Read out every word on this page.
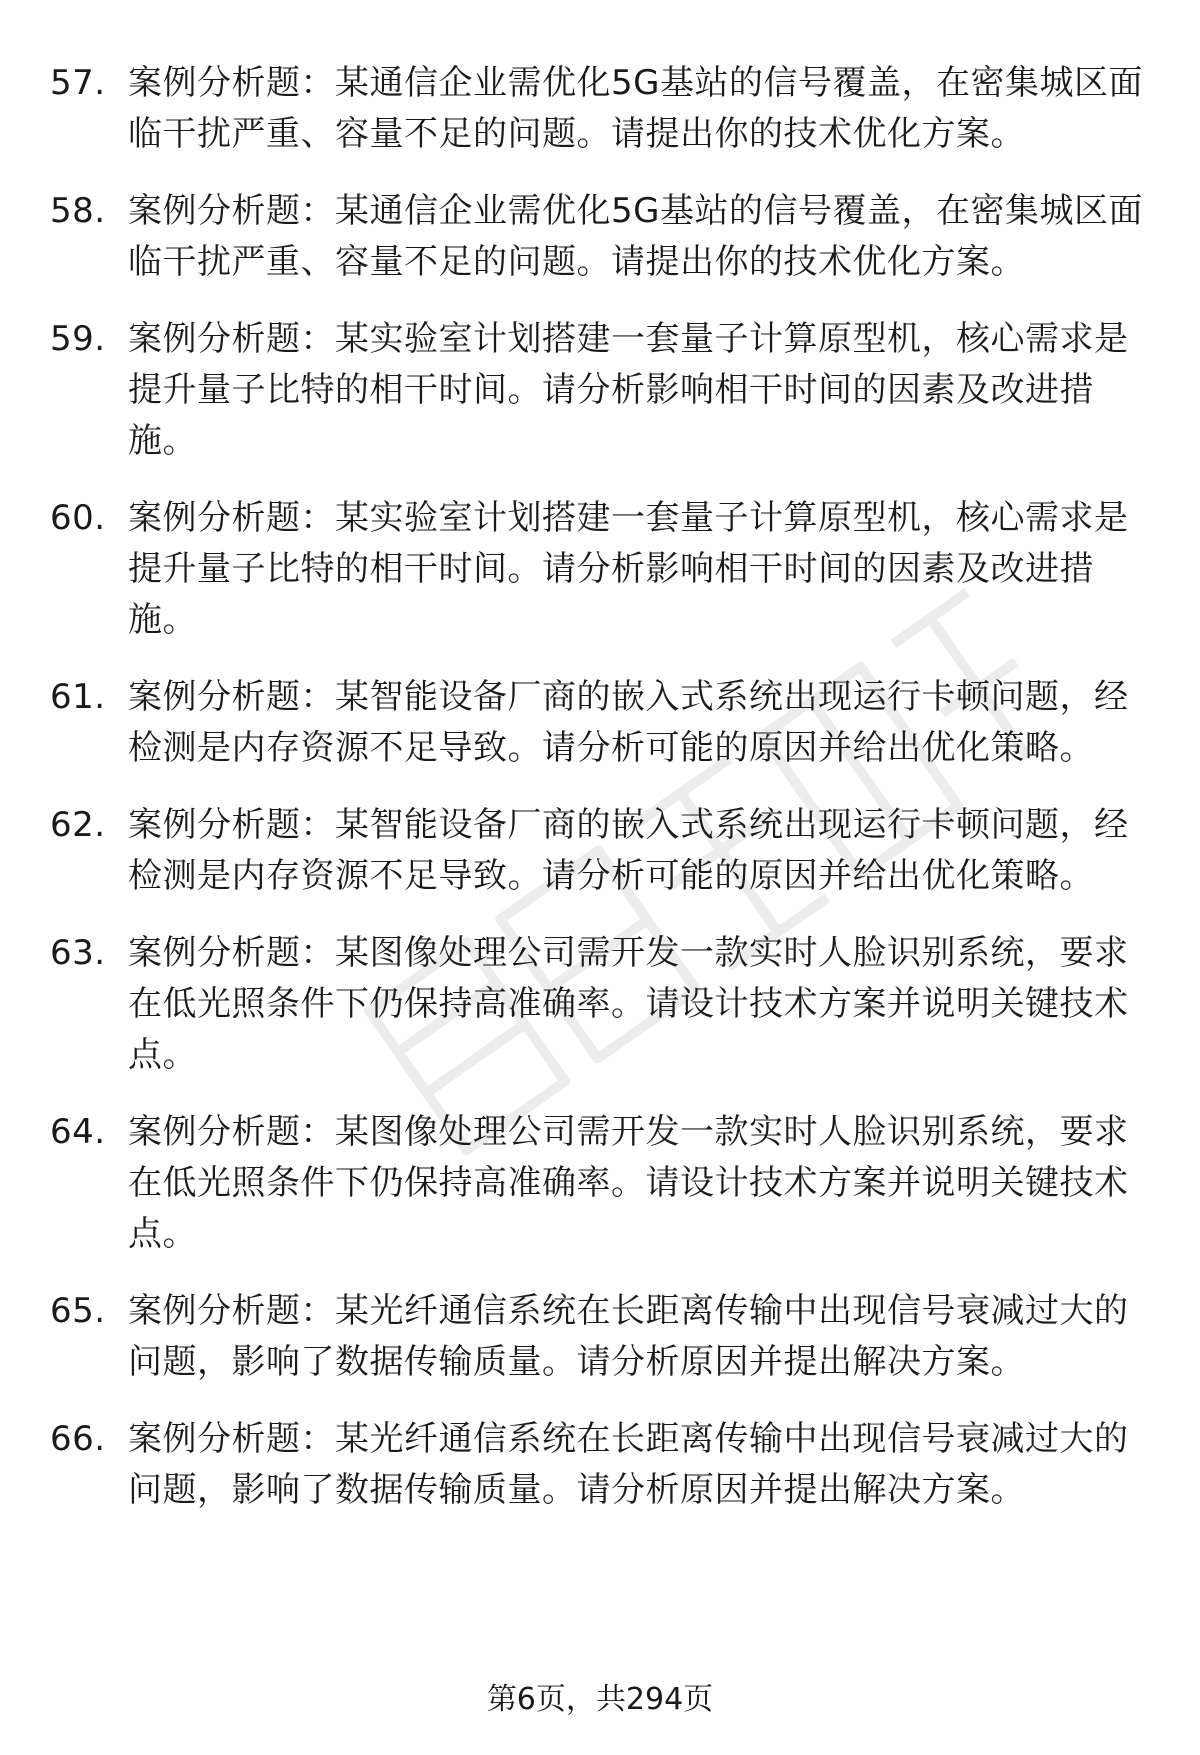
57. 案例分析题：某通信企业需优化5G基站的信号覆盖，在密集城区面临干扰严重、容量不足的问题。请提出你的技术优化方案。
58. 案例分析题：某通信企业需优化5G基站的信号覆盖，在密集城区面临干扰严重、容量不足的问题。请提出你的技术优化方案。
59. 案例分析题：某实验室计划搭建一套量子计算原型机，核心需求是提升量子比特的相干时间。请分析影响相干时间的因素及改进措施。
60. 案例分析题：某实验室计划搭建一套量子计算原型机，核心需求是提升量子比特的相干时间。请分析影响相干时间的因素及改进措施。
61. 案例分析题：某智能设备厂商的嵌入式系统出现运行卡顿问题，经检测是内存资源不足导致。请分析可能的原因并给出优化策略。
62. 案例分析题：某智能设备厂商的嵌入式系统出现运行卡顿问题，经检测是内存资源不足导致。请分析可能的原因并给出优化策略。
63. 案例分析题：某图像处理公司需开发一款实时人脸识别系统，要求在低光照条件下仍保持高准确率。请设计技术方案并说明关键技术点。
64. 案例分析题：某图像处理公司需开发一款实时人脸识别系统，要求在低光照条件下仍保持高准确率。请设计技术方案并说明关键技术点。
65. 案例分析题：某光纤通信系统在长距离传输中出现信号衰减过大的问题，影响了数据传输质量。请分析原因并提出解决方案。
66. 案例分析题：某光纤通信系统在长距离传输中出现信号衰减过大的问题，影响了数据传输质量。请分析原因并提出解决方案。
第6页，共294页
